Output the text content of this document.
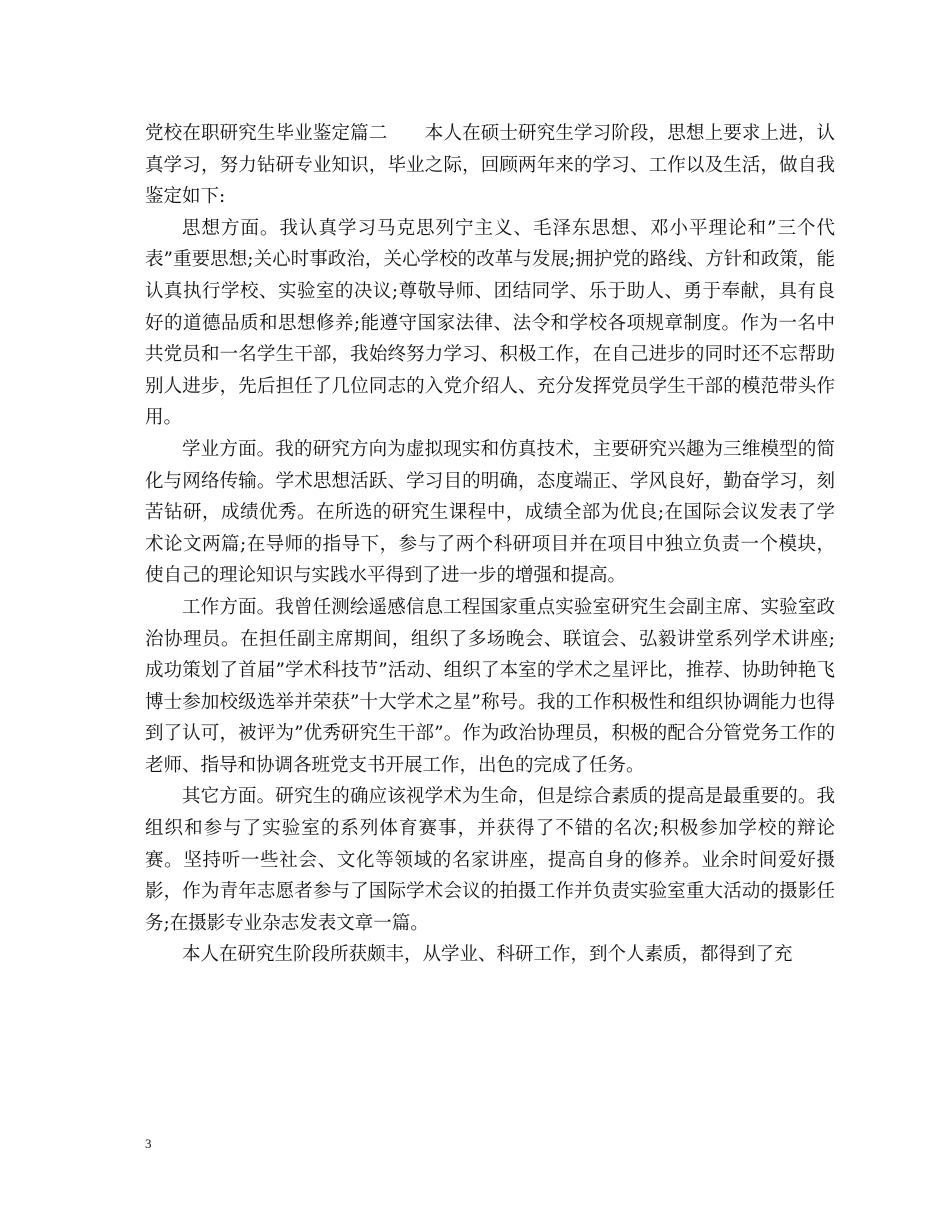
党校在职研究生毕业鉴定篇二　　本人在硕士研究生学习阶段，思想上要求上进，认真学习，努力钻研专业知识，毕业之际，回顾两年来的学习、工作以及生活，做自我鉴定如下:

思想方面。我认真学习马克思列宁主义、毛泽东思想、邓小平理论和”三个代表”重要思想;关心时事政治，关心学校的改革与发展;拥护党的路线、方针和政策，能认真执行学校、实验室的决议;尊敬导师、团结同学、乐于助人、勇于奉献，具有良好的道德品质和思想修养;能遵守国家法律、法令和学校各项规章制度。作为一名中共党员和一名学生干部，我始终努力学习、积极工作，在自己进步的同时还不忘帮助别人进步，先后担任了几位同志的入党介绍人、充分发挥党员学生干部的模范带头作用。

学业方面。我的研究方向为虚拟现实和仿真技术，主要研究兴趣为三维模型的简化与网络传输。学术思想活跃、学习目的明确，态度端正、学风良好，勤奋学习，刻苦钻研，成绩优秀。在所选的研究生课程中，成绩全部为优良;在国际会议发表了学术论文两篇;在导师的指导下，参与了两个科研项目并在项目中独立负责一个模块，使自己的理论知识与实践水平得到了进一步的增强和提高。

工作方面。我曾任测绘遥感信息工程国家重点实验室研究生会副主席、实验室政治协理员。在担任副主席期间，组织了多场晚会、联谊会、弘毅讲堂系列学术讲座;成功策划了首届”学术科技节”活动、组织了本室的学术之星评比，推荐、协助钟艳飞博士参加校级选举并荣获”十大学术之星”称号。我的工作积极性和组织协调能力也得到了认可，被评为”优秀研究生干部”。作为政治协理员，积极的配合分管党务工作的老师、指导和协调各班党支书开展工作，出色的完成了任务。

其它方面。研究生的确应该视学术为生命，但是综合素质的提高是最重要的。我组织和参与了实验室的系列体育赛事，并获得了不错的名次;积极参加学校的辩论赛。坚持听一些社会、文化等领域的名家讲座，提高自身的修养。业余时间爱好摄影，作为青年志愿者参与了国际学术会议的拍摄工作并负责实验室重大活动的摄影任务;在摄影专业杂志发表文章一篇。

本人在研究生阶段所获颇丰，从学业、科研工作，到个人素质，都得到了充

3
